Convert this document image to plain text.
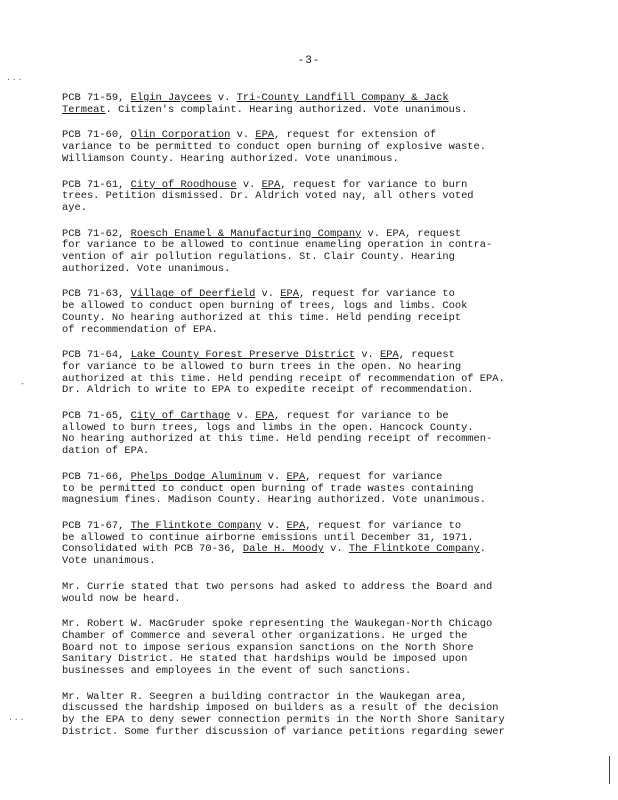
-3-
...
-
...
PCB 71-59, Elgin Jaycees v. Tri-County Landfill Company & Jack
Termeat. Citizen's complaint. Hearing authorized. Vote unanimous.
PCB 71-60, Olin Corporation v. EPA, request for extension of
variance to be permitted to conduct open burning of explosive waste.
Williamson County. Hearing authorized. Vote unanimous.
PCB 71-61, City of Roodhouse v. EPA, request for variance to burn
trees. Petition dismissed. Dr. Aldrich voted nay, all others voted
aye.
PCB 71-62, Roesch Enamel & Manufacturing Company v. EPA, request
for variance to be allowed to continue enameling operation in contra-
vention of air pollution regulations. St. Clair County. Hearing
authorized. Vote unanimous.
PCB 71-63, Village of Deerfield v. EPA, request for variance to
be allowed to conduct open burning of trees, logs and limbs. Cook
County. No hearing authorized at this time. Held pending receipt
of recommendation of EPA.
PCB 71-64, Lake County Forest Preserve District v. EPA, request
for variance to be allowed to burn trees in the open. No hearing
authorized at this time. Held pending receipt of recommendation of EPA.
Dr. Aldrich to write to EPA to expedite receipt of recommendation.
PCB 71-65, City of Carthage v. EPA, request for variance to be
allowed to burn trees, logs and limbs in the open. Hancock County.
No hearing authorized at this time. Held pending receipt of recommen-
dation of EPA.
PCB 71-66, Phelps Dodge Aluminum v. EPA, request for variance
to be permitted to conduct open burning of trade wastes containing
magnesium fines. Madison County. Hearing authorized. Vote unanimous.
PCB 71-67, The Flintkote Company v. EPA, request for variance to
be allowed to continue airborne emissions until December 31, 1971.
Consolidated with PCB 70-36, Dale H. Moody v. The Flintkote Company.
Vote unanimous.
Mr. Currie stated that two persons had asked to address the Board and
would now be heard.
Mr. Robert W. MacGruder spoke representing the Waukegan-North Chicago
Chamber of Commerce and several other organizations. He urged the
Board not to impose serious expansion sanctions on the North Shore
Sanitary District. He stated that hardships would be imposed upon
businesses and employees in the event of such sanctions.
Mr. Walter R. Seegren a building contractor in the Waukegan area,
discussed the hardship imposed on builders as a result of the decision
by the EPA to deny sewer connection permits in the North Shore Sanitary
District. Some further discussion of variance petitions regarding sewer
